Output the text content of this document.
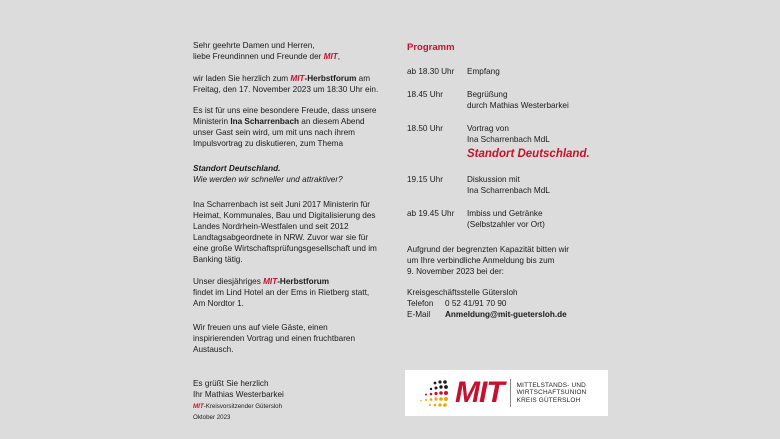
Sehr geehrte Damen und Herren,
liebe Freundinnen und Freunde der MIT,

wir laden Sie herzlich zum MIT-Herbstforum am
Freitag, den 17. November 2023 um 18:30 Uhr ein.

Es ist für uns eine besondere Freude, dass unsere
Ministerin Ina Scharrenbach an diesem Abend
unser Gast sein wird, um mit uns nach ihrem
Impulsvortrag zu diskutieren, zum Thema

Standort Deutschland.
Wie werden wir schneller und attraktiver?

Ina Scharrenbach ist seit Juni 2017 Ministerin für
Heimat, Kommunales, Bau und Digitalisierung des
Landes Nordrhein-Westfalen und seit 2012
Landtagsabgeordnete in NRW. Zuvor war sie für
eine große Wirtschaftsprüfungsgesellschaft und im
Banking tätig.

Unser diesjähriges MIT-Herbstforum
findet im Lind Hotel an der Ems in Rietberg statt,
Am Nordtor 1.

Wir freuen uns auf viele Gäste, einen
inspirierenden Vortrag und einen fruchtbaren
Austausch.

Es grüßt Sie herzlich
Ihr Mathias Westerbarkei
MIT-Kreisvorsitzender Gütersloh
Oktober 2023
Programm
ab 18.30 Uhr	Empfang
18.45 Uhr	Begrüßung
durch Mathias Westerbarkei
18.50 Uhr	Vortrag von
Ina Scharrenbach MdL
Standort Deutschland.
19.15 Uhr	Diskussion mit
Ina Scharrenbach MdL
ab 19.45 Uhr	Imbiss und Getränke
(Selbstzahler vor Ort)
Aufgrund der begrenzten Kapazität bitten wir
um Ihre verbindliche Anmeldung bis zum
9. November 2023 bei der:
Kreisgeschäftsstelle Gütersloh
Telefon	0 52 41/91 70 90
E-Mail	Anmeldung@mit-guetersloh.de
MIT MITTELSTANDS- UND
WIRTSCHAFTSUNION
KREIS GÜTERSLOH
